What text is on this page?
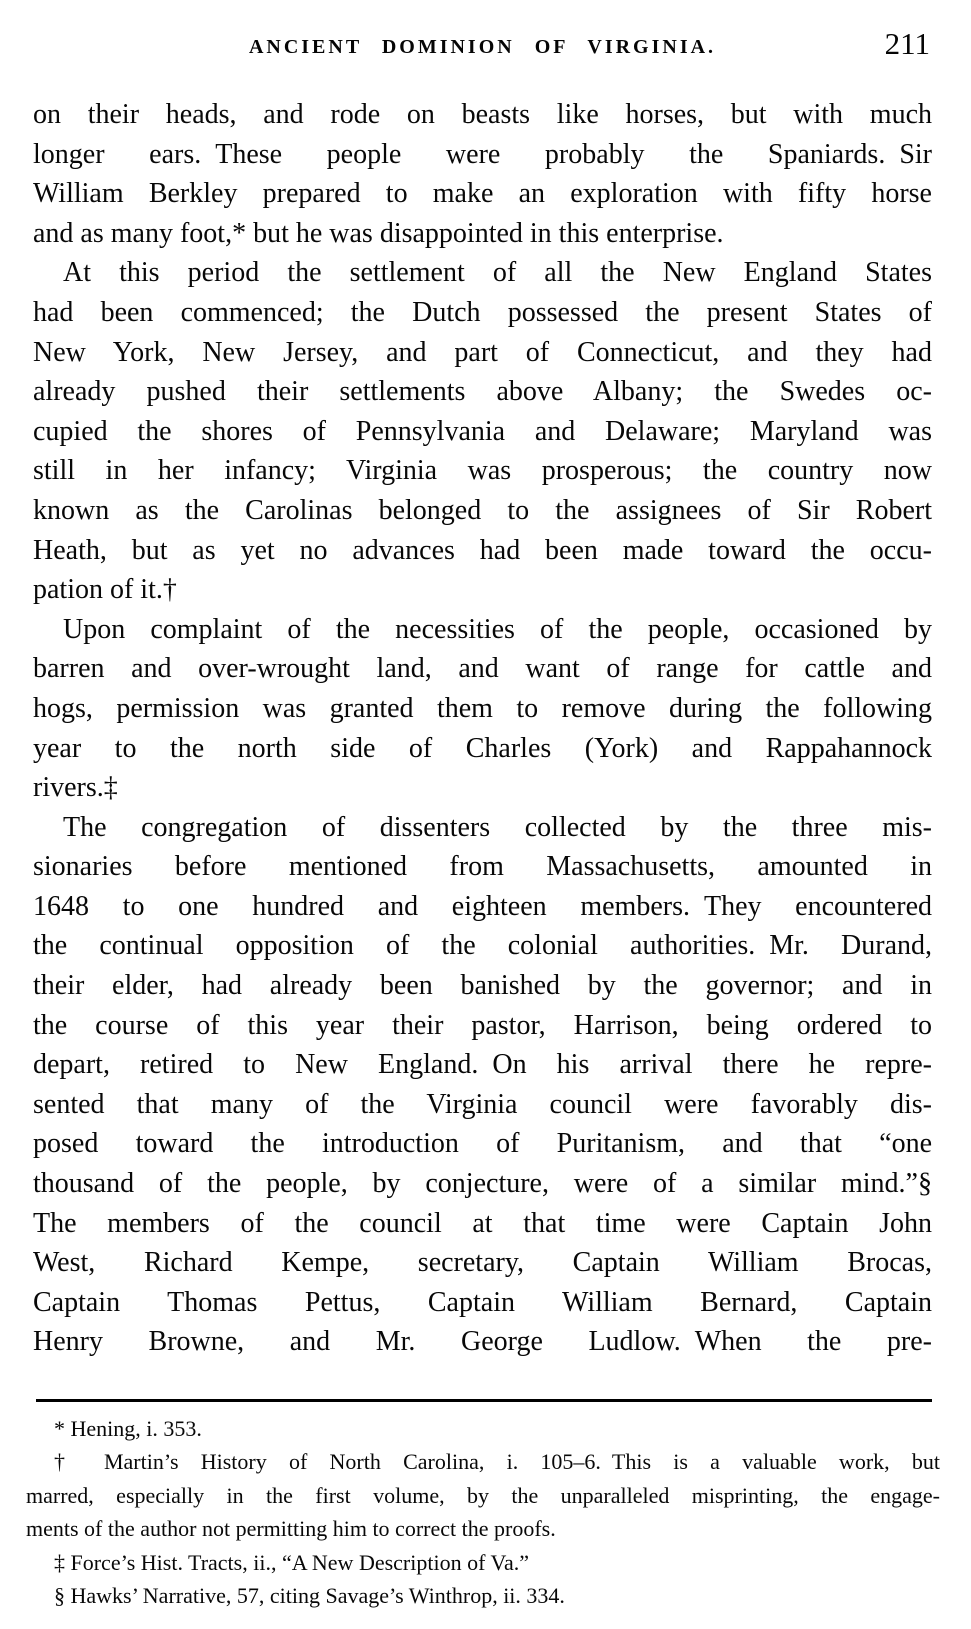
ANCIENT DOMINION OF VIRGINIA.	211
on their heads, and rode on beasts like horses, but with much
longer ears. These people were probably the Spaniards. Sir
William Berkley prepared to make an exploration with fifty horse
and as many foot,* but he was disappointed in this enterprise.
At this period the settlement of all the New England States
had been commenced; the Dutch possessed the present States of
New York, New Jersey, and part of Connecticut, and they had
already pushed their settlements above Albany; the Swedes oc-
cupied the shores of Pennsylvania and Delaware; Maryland was
still in her infancy; Virginia was prosperous; the country now
known as the Carolinas belonged to the assignees of Sir Robert
Heath, but as yet no advances had been made toward the occu-
pation of it.†
Upon complaint of the necessities of the people, occasioned by
barren and over-wrought land, and want of range for cattle and
hogs, permission was granted them to remove during the following
year to the north side of Charles (York) and Rappahannock
rivers.‡
The congregation of dissenters collected by the three mis-
sionaries before mentioned from Massachusetts, amounted in
1648 to one hundred and eighteen members. They encountered
the continual opposition of the colonial authorities. Mr. Durand,
their elder, had already been banished by the governor; and in
the course of this year their pastor, Harrison, being ordered to
depart, retired to New England. On his arrival there he repre-
sented that many of the Virginia council were favorably dis-
posed toward the introduction of Puritanism, and that “one
thousand of the people, by conjecture, were of a similar mind.”§
The members of the council at that time were Captain John
West, Richard Kempe, secretary, Captain William Brocas,
Captain Thomas Pettus, Captain William Bernard, Captain
Henry Browne, and Mr. George Ludlow. When the pre-
* Hening, i. 353.
† Martin’s History of North Carolina, i. 105–6. This is a valuable work, but
marred, especially in the first volume, by the unparalleled misprinting, the engage-
ments of the author not permitting him to correct the proofs.
‡ Force’s Hist. Tracts, ii., “A New Description of Va.”
§ Hawks’ Narrative, 57, citing Savage’s Winthrop, ii. 334.
